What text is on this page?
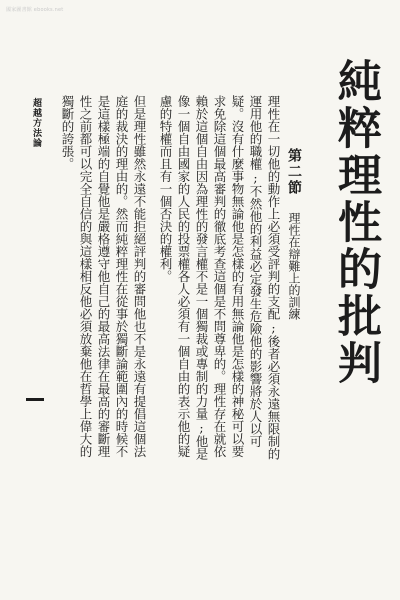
國家圖書館 ebooks.net
純粹理性的批判
第二節　理性在辯難上的訓練

理性在一切他的動作上必須受評判的支配;後者必須永遠無限制的運用他的職權;不然他的利益必定發生危險他的影響將於人以可疑。沒有什麼事物無論他是怎樣的有用無論他是怎樣的神秘可以要求免除這個最高審判的徹底考查這個是不問尊卑的。理性存在就依賴於這個自由因為理性的發言權不是一個獨裁或專制的力量;他是像一個自由國家的人民的投票權各人必須有一個自由的表示他的疑慮的特權而且有一個否決的權利。

但是理性雖然永遠不能拒絕評判的審問他也不是永遠有提倡這個法庭的裁決的理由的。然而純粹理性在從事於獨斷論範圍內的時候不是這樣極端的自覺他是嚴格遵守他自己的最高法律在最高的審斷理性之前都可以完全自信的與這樣相反他必須放棄他在哲學上偉大的獨斷的誇張。

超越方法論
